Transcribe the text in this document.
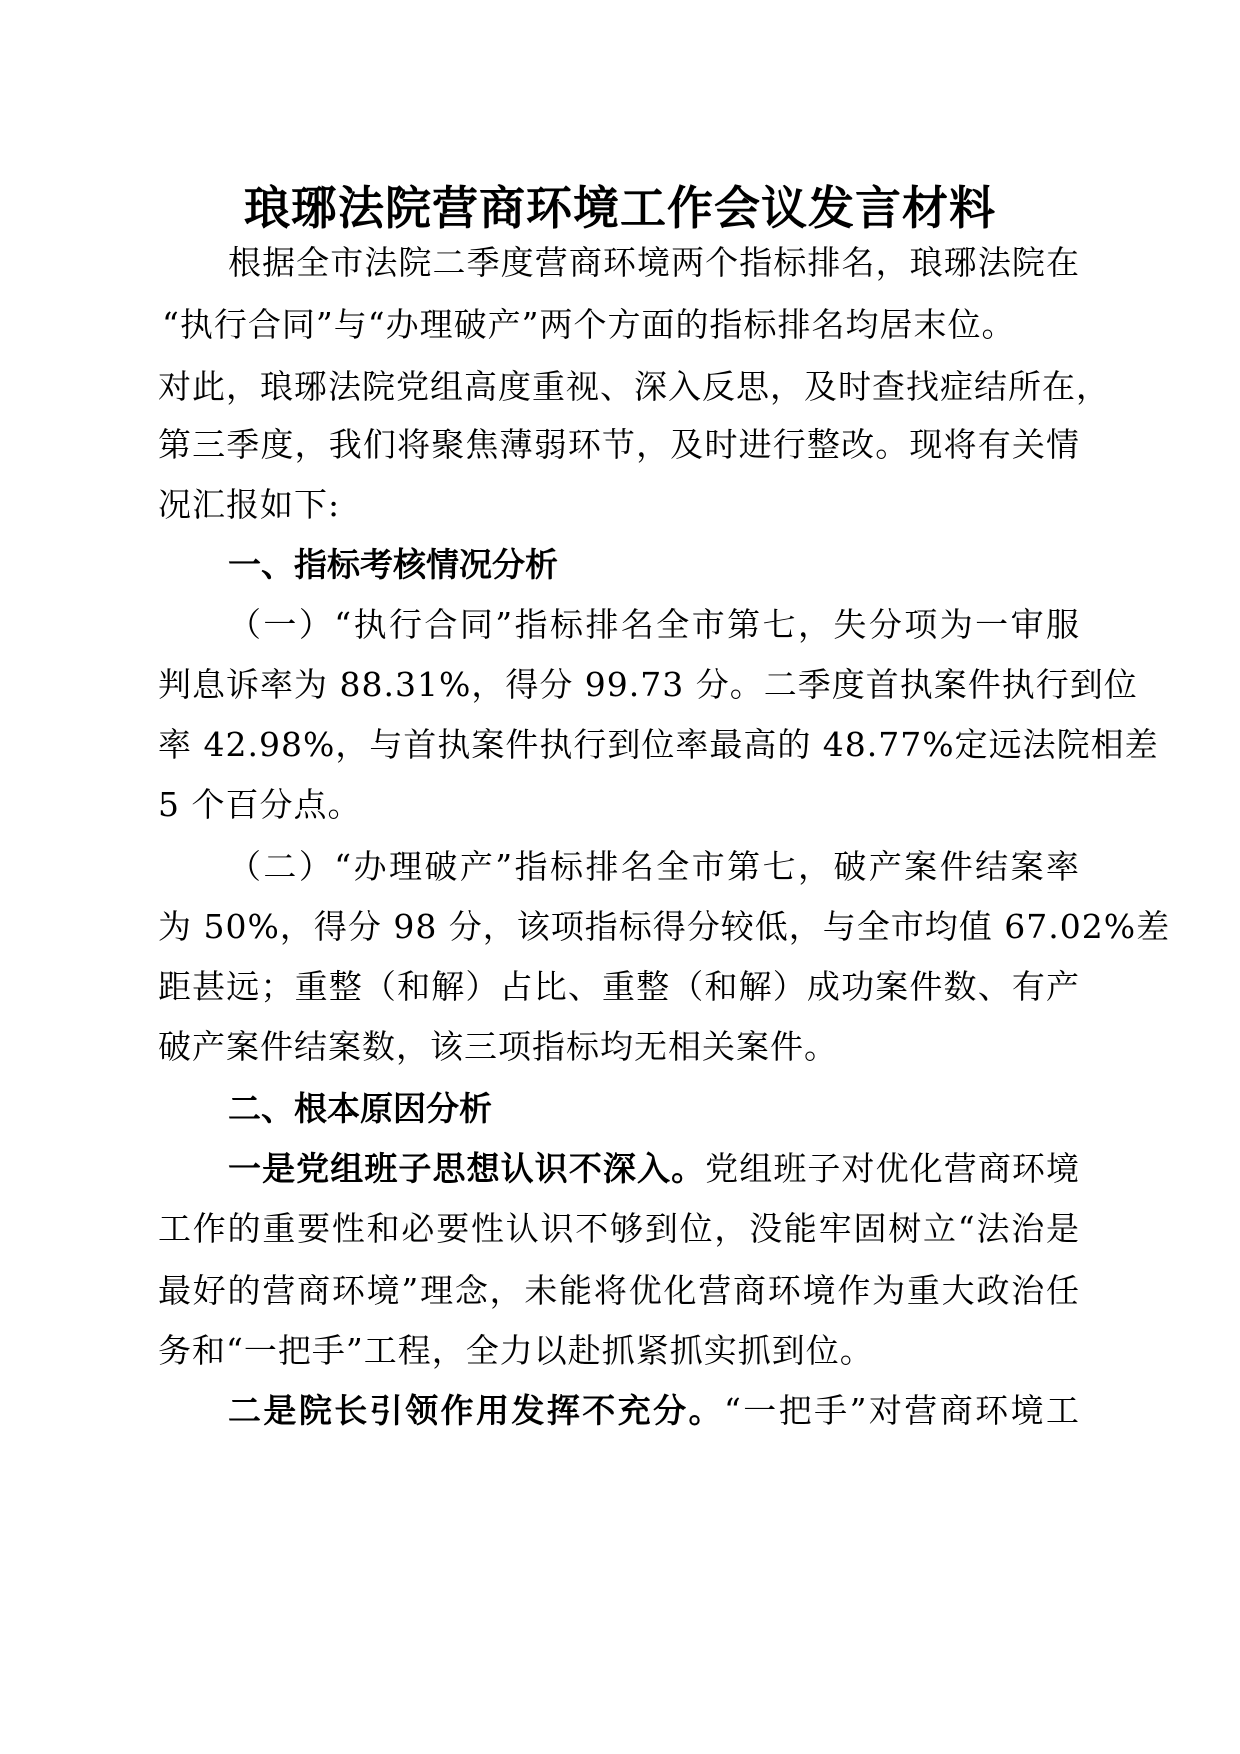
琅琊法院营商环境工作会议发言材料
根据全市法院二季度营商环境两个指标排名，琅琊法院在
“执行合同”与“办理破产”两个方面的指标排名均居末位。
对此，琅琊法院党组高度重视、深入反思，及时查找症结所在，
第三季度，我们将聚焦薄弱环节，及时进行整改。现将有关情
况汇报如下:
一、指标考核情况分析
（一）“执行合同”指标排名全市第七，失分项为一审服
判息诉率为 88.31%，得分 99.73 分。二季度首执案件执行到位
率 42.98%，与首执案件执行到位率最高的 48.77%定远法院相差
5 个百分点。
（二）“办理破产”指标排名全市第七，破产案件结案率
为 50%，得分 98 分，该项指标得分较低，与全市均值 67.02%差
距甚远；重整（和解）占比、重整（和解）成功案件数、有产
破产案件结案数，该三项指标均无相关案件。
二、根本原因分析
一是党组班子思想认识不深入。党组班子对优化营商环境
工作的重要性和必要性认识不够到位，没能牢固树立“法治是
最好的营商环境”理念，未能将优化营商环境作为重大政治任
务和“一把手”工程，全力以赴抓紧抓实抓到位。
二是院长引领作用发挥不充分。“一把手”对营商环境工
